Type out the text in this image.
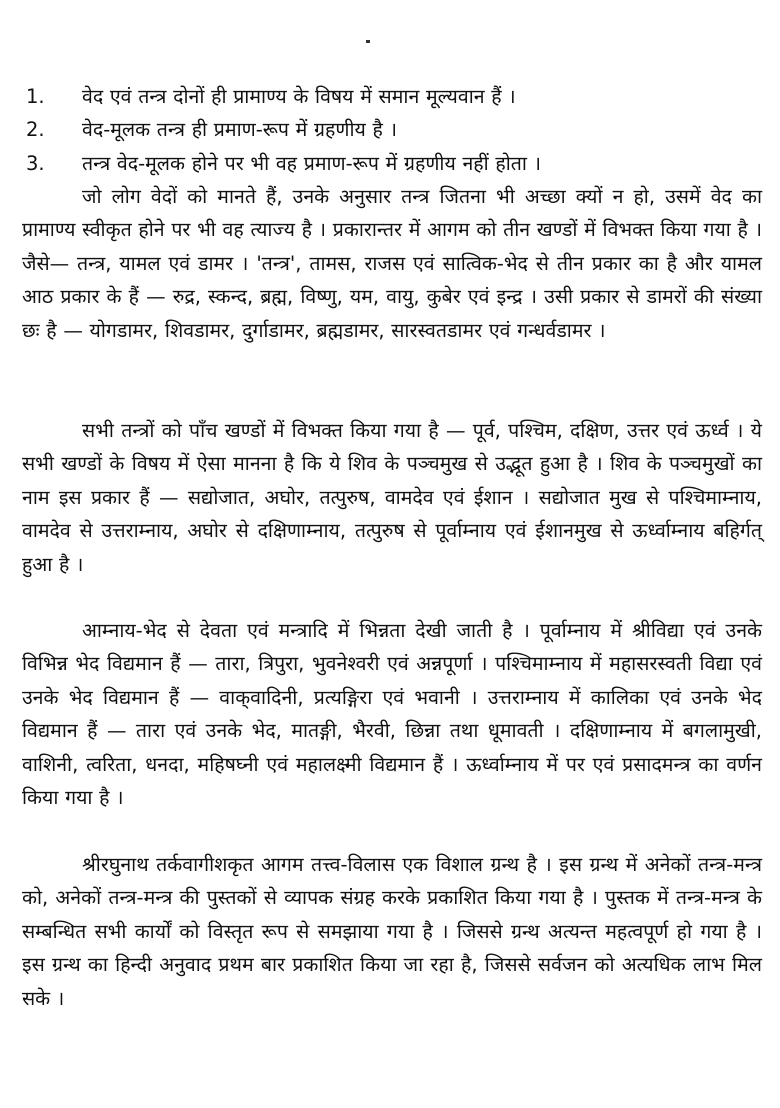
1. वेद एवं तन्त्र दोनों ही प्रामाण्य के विषय में समान मूल्यवान हैं ।
2. वेद-मूलक तन्त्र ही प्रमाण-रूप में ग्रहणीय है ।
3. तन्त्र वेद-मूलक होने पर भी वह प्रमाण-रूप में ग्रहणीय नहीं होता ।

जो लोग वेदों को मानते हैं, उनके अनुसार तन्त्र जितना भी अच्छा क्यों न हो, उसमें वेद का प्रामाण्य स्वीकृत होने पर भी वह त्याज्य है । प्रकारान्तर में आगम को तीन खण्डों में विभक्त किया गया है । जैसे— तन्त्र, यामल एवं डामर । 'तन्त्र', तामस, राजस एवं सात्विक-भेद से तीन प्रकार का है और यामल आठ प्रकार के हैं — रुद्र, स्कन्द, ब्रह्म, विष्णु, यम, वायु, कुबेर एवं इन्द्र । उसी प्रकार से डामरों की संख्या छः है — योगडामर, शिवडामर, दुर्गाडामर, ब्रह्मडामर, सारस्वतडामर एवं गन्धर्वडामर ।

सभी तन्त्रों को पाँच खण्डों में विभक्त किया गया है — पूर्व, पश्चिम, दक्षिण, उत्तर एवं ऊर्ध्व । ये सभी खण्डों के विषय में ऐसा मानना है कि ये शिव के पञ्चमुख से उद्भूत हुआ है । शिव के पञ्चमुखों का नाम इस प्रकार हैं — सद्योजात, अघोर, तत्पुरुष, वामदेव एवं ईशान । सद्योजात मुख से पश्चिमाम्नाय, वामदेव से उत्तराम्नाय, अघोर से दक्षिणाम्नाय, तत्पुरुष से पूर्वाम्नाय एवं ईशानमुख से ऊर्ध्वाम्नाय बहिर्गत् हुआ है ।

आम्नाय-भेद से देवता एवं मन्त्रादि में भिन्नता देखी जाती है । पूर्वाम्नाय में श्रीविद्या एवं उनके विभिन्न भेद विद्यमान हैं — तारा, त्रिपुरा, भुवनेश्वरी एवं अन्नपूर्णा । पश्चिमाम्नाय में महासरस्वती विद्या एवं उनके भेद विद्यमान हैं — वाक्‌वादिनी, प्रत्यङ्गिरा एवं भवानी । उत्तराम्नाय में कालिका एवं उनके भेद विद्यमान हैं — तारा एवं उनके भेद, मातङ्गी, भैरवी, छिन्ना तथा धूमावती । दक्षिणाम्नाय में बगलामुखी, वाशिनी, त्वरिता, धनदा, महिषघ्नी एवं महालक्ष्मी विद्यमान हैं । ऊर्ध्वाम्नाय में पर एवं प्रसादमन्त्र का वर्णन किया गया है ।

श्रीरघुनाथ तर्कवागीशकृत आगम तत्त्व-विलास एक विशाल ग्रन्थ है । इस ग्रन्थ में अनेकों तन्त्र-मन्त्र को, अनेकों तन्त्र-मन्त्र की पुस्तकों से व्यापक संग्रह करके प्रकाशित किया गया है । पुस्तक में तन्त्र-मन्त्र के सम्बन्धित सभी कार्यों को विस्तृत रूप से समझाया गया है । जिससे ग्रन्थ अत्यन्त महत्वपूर्ण हो गया है । इस ग्रन्थ का हिन्दी अनुवाद प्रथम बार प्रकाशित किया जा रहा है, जिससे सर्वजन को अत्यधिक लाभ मिल सके ।
